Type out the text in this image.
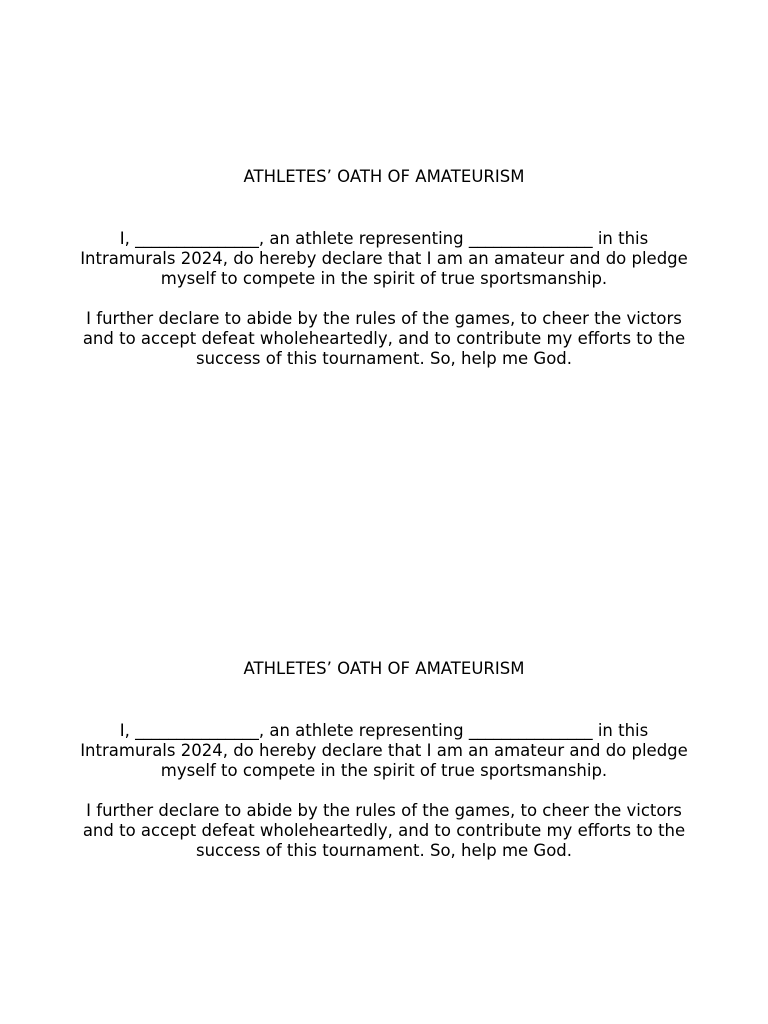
ATHLETES’ OATH OF AMATEURISM

I, _______________, an athlete representing _______________ in this
Intramurals 2024, do hereby declare that I am an amateur and do pledge
myself to compete in the spirit of true sportsmanship.

I further declare to abide by the rules of the games, to cheer the victors
and to accept defeat wholeheartedly, and to contribute my efforts to the
success of this tournament. So, help me God.

ATHLETES’ OATH OF AMATEURISM

I, _______________, an athlete representing _______________ in this
Intramurals 2024, do hereby declare that I am an amateur and do pledge
myself to compete in the spirit of true sportsmanship.

I further declare to abide by the rules of the games, to cheer the victors
and to accept defeat wholeheartedly, and to contribute my efforts to the
success of this tournament. So, help me God.
